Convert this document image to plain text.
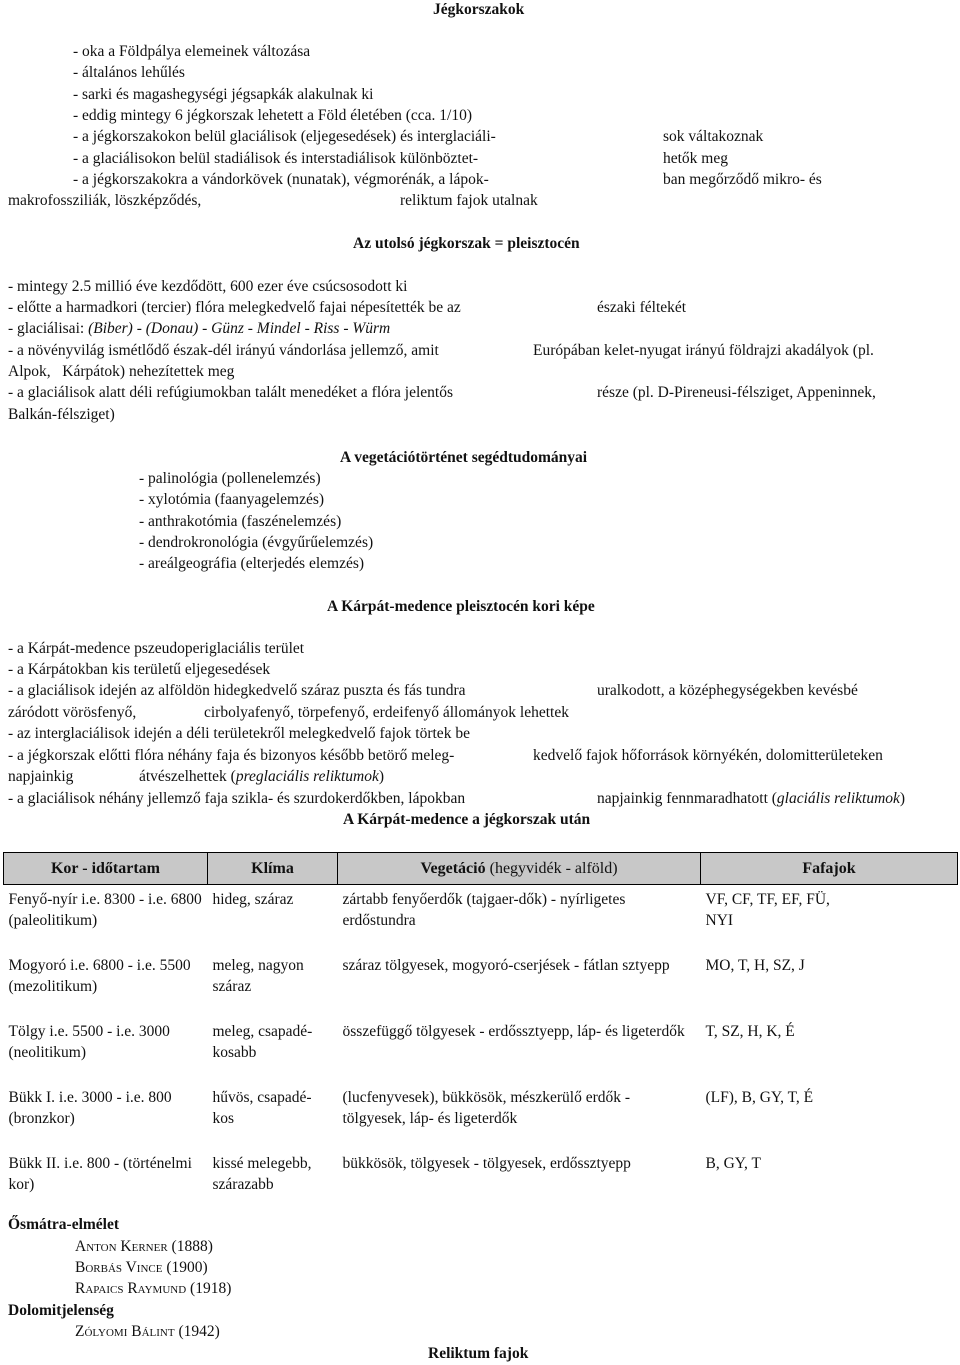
Jégkorszakok
- oka a Földpálya elemeinek változása
- általános lehűlés
- sarki és magashegységi jégsapkák alakulnak ki
- eddig mintegy 6 jégkorszak lehetett a Föld életében (cca. 1/10)
- a jégkorszakokon belül glaciálisok (eljegesedések) és interglaciáli-
- a glaciálisokon belül stadiálisok és interstadiálisok különböztet-
- a jégkorszakokra a vándorkövek (nunatak), végmorénák, a lápok-
makrofossziliák, löszképződés,
sok váltakoznak
hetők meg
ban megőrződő mikro- és
reliktum fajok utalnak
Az utolsó jégkorszak = pleisztocén
- mintegy 2.5 millió éve kezdődött, 600 ezer éve csúcsosodott ki
- előtte a harmadkori (tercier) flóra melegkedvelő fajai népesítették be az	északi féltekét
- glaciálisai: (Biber) - (Donau) - Günz - Mindel - Riss - Würm
- a növényvilág ismétlődő észak-dél irányú vándorlása jellemző, amit	Európában kelet-nyugat irányú földrajzi akadályok (pl.
Alpok,   Kárpátok) nehezítettek meg
- a glaciálisok alatt déli refúgiumokban talált menedéket a flóra jelentős	része (pl. D-Pireneusi-félsziget, Appeninnek,
Balkán-félsziget)
A vegetációtörténet segédtudományai
- palinológia (pollenelemzés)
- xylotómia (faanyagelemzés)
- anthrakotómia (faszénelemzés)
- dendrokronológia (évgyűrűelemzés)
- areálgeográfia (elterjedés elemzés)
A Kárpát-medence pleisztocén kori képe
- a Kárpát-medence pszeudoperiglaciális terület
- a Kárpátokban kis területű eljegesedések
- a glaciálisok idején az alföldön hidegkedvelő száraz puszta és fás tundra	uralkodott, a középhegységekben kevésbé
záródott vörösfenyő,	cirbolyafenyő, törpefenyő, erdeifenyő állományok lehettek
- az interglaciálisok idején a déli területekről melegkedvelő fajok törtek be
- a jégkorszak előtti flóra néhány faja és bizonyos később betörő meleg-	kedvelő fajok hőforrások környékén, dolomitterületeken
napjainkig	átvészelhettek (preglaciális reliktumok)
- a glaciálisok néhány jellemző faja szikla- és szurdokerdőkben, lápokban	napjainkig fennmaradhatott (glaciális reliktumok)
A Kárpát-medence a jégkorszak után
Kor - időtartam	Klíma	Vegetáció (hegyvidék - alföld)	Fafajok
Fenyő-nyír i.e. 8300 - i.e. 6800 (paleolitikum)	hideg, száraz	zártabb fenyőerdők (tajgaer-dők) - nyírligetes erdőstundra	VF, CF, TF, EF, FÜ, NYI
Mogyoró i.e. 6800 - i.e. 5500 (mezolitikum)	meleg, nagyon száraz	száraz tölgyesek, mogyoró-cserjések - fátlan sztyepp	MO, T, H, SZ, J
Tölgy i.e. 5500 - i.e. 3000 (neolitikum)	meleg, csapadé-kosabb	összefüggő tölgyesek - erdőssztyepp, láp- és ligeterdők	T, SZ, H, K, É
Bükk I. i.e. 3000 - i.e. 800 (bronzkor)	hűvös, csapadé-kos	(lucfenyvesek), bükkösök, mészkerülő erdők - tölgyesek, láp- és ligeterdők	(LF), B, GY, T, É
Bükk II. i.e. 800 - (történelmi kor)	kissé melegebb, szárazabb	bükkösök, tölgyesek - tölgyesek, erdőssztyepp	B, GY, T
Ősmátra-elmélet
Anton Kerner (1888)
Borbás Vince (1900)
Rapaics Raymund (1918)
Dolomitjelenség
Zólyomi Bálint (1942)
Reliktum fajok
